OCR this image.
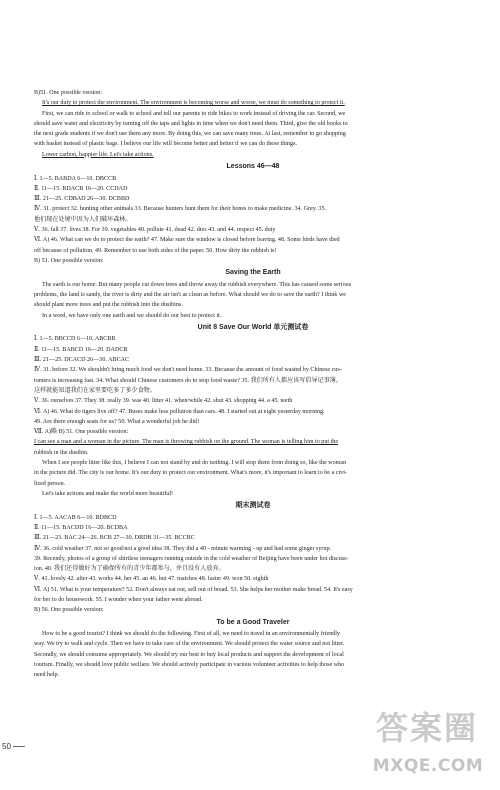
B)51. One possible version:
It's our duty to protect the environment. The environment is becoming worse and worse, we must do something to protect it.
First, we can ride to school or walk to school and tell our parents to ride bikes to work instead of driving the car. Second, we
should save water and electricity by turning off the taps and lights in time when we don't need them. Third, give the old books to
the next grade students if we don't use them any more. By doing this, we can save many trees. At last, remember to go shopping
with basket instead of plastic bags. I believe our life will become better and better if we can do these things.
Lower carbon, happier life. Let's take actions.
Lessons 46—48
Ⅰ. 1—5. BABDA 6—10. DBCCB
Ⅱ. 11—15. BDACB 16—20. CCDAD
Ⅲ. 21—25. CDBAD 26—30. DCBBD
Ⅳ. 31. protect 32. hunting other animals 33. Because hunters hunt them for their bones to make medicine. 34. Grey. 35.
他们现在处境中因为人们破坏森林。
Ⅴ. 36. fall 37. lives 38. For 39. vegetables 40. pollute 41. dead 42. dies 43. and 44. respect 45. duty
Ⅵ. A) 46. What can we do to protect the earth? 47. Make sure the window is closed before leaving. 48. Some birds have died
off because of pollution. 49. Remember to use both sides of the paper. 50. How dirty the rubbish is!
B) 51. One possible version:
Saving the Earth
The earth is our home. But many people cut down trees and throw away the rubbish everywhere. This has caused some serious
problems, the land is sandy, the river is dirty and the air isn't as clean as before. What should we do to save the earth? I think we
should plant more trees and put the rubbish into the dustbins.
In a word, we have only one earth and we should do our best to protect it.
Unit 8 Save Our World 单元测试卷
Ⅰ. 1—5. BBCCD 6—10. ABCBB
Ⅱ. 11—15. BABCD 16—20. DADCB
Ⅲ. 21—25. DCACD 26—30. ABCAC
Ⅳ. 31. before 32. We shouldn't bring much food we don't need home. 33. Because the amount of food wasted by Chinese cus-
tomers is increasing fast. 34. What should Chinese customers do to stop food waste? 35. 我们所有人都应该写倡导记事簿，
这样就能知道我们在家里要吃多了多少食物。
Ⅴ. 36. ourselves 37. They 38. really 39. was 40. litter 41. when/while 42. shut 43. shopping 44. a 45. teeth
Ⅵ. A) 46. What do tigers live off? 47. Buses make less pollution than cars. 48. I started out at eight yesterday morning.
49. Are there enough seats for us? 50. What a wonderful job he did!
Ⅶ. A)略 B) 51. One possible version:
I can see a man and a woman in the picture. The man is throwing rubbish on the ground. The woman is telling him to put the
rubbish in the dustbin.
When I see people litter like this, I believe I can not stand by and do nothing. I will stop them from doing so, like the woman
in the picture did. The city is our home. It's our duty to protect our environment. What's more, it's important to learn to be a civi-
lized person.
Let's take actions and make the world more beautiful!
期末测试卷
Ⅰ. 1—5. AACAB 6—10. BDBCD
Ⅱ. 11—15. BACDD 16—20. BCDBA
Ⅲ. 21—23. BAC 24—26. BCB 27—30. DRDB 31—35. BCCBC
Ⅳ. 36. cold weather 37. not so good/not a good idea 38. They did a 40 - minute warming - up and had some ginger syrup.
39. Recently, photos of a group of shirtless teenagers running outside in the cold weather of Beijing have been under hot discuss-
ion. 40. 我们还得做好为了确保所有的青少年都参与，并且没有人放弃。
Ⅴ. 41. lovely 42. after 43. works 44. her 45. an 46. but 47. matches 48. faster 49. won 50. eighth
Ⅵ. A) 51. What is your temperature? 52. Don't always eat out, sell out of bread. 53. She helps her mother make bread. 54. It's easy
for her to do housework. 55. I wonder when your father went abroad.
B) 56. One possible version:
To be a Good Traveler
How to be a good tourist? I think we should do the following. First of all, we need to travel in an environmentally friendly
way. We try to walk and cycle. Then we have to take care of the environment. We should protect the water source and not litter.
Secondly, we should consume appropriately. We should try our best to buy local products and support the development of local
tourism. Finally, we should love public welfare. We should actively participate in various volunteer activities to help those who
need help.
50	答案圈
MXQE.COM
